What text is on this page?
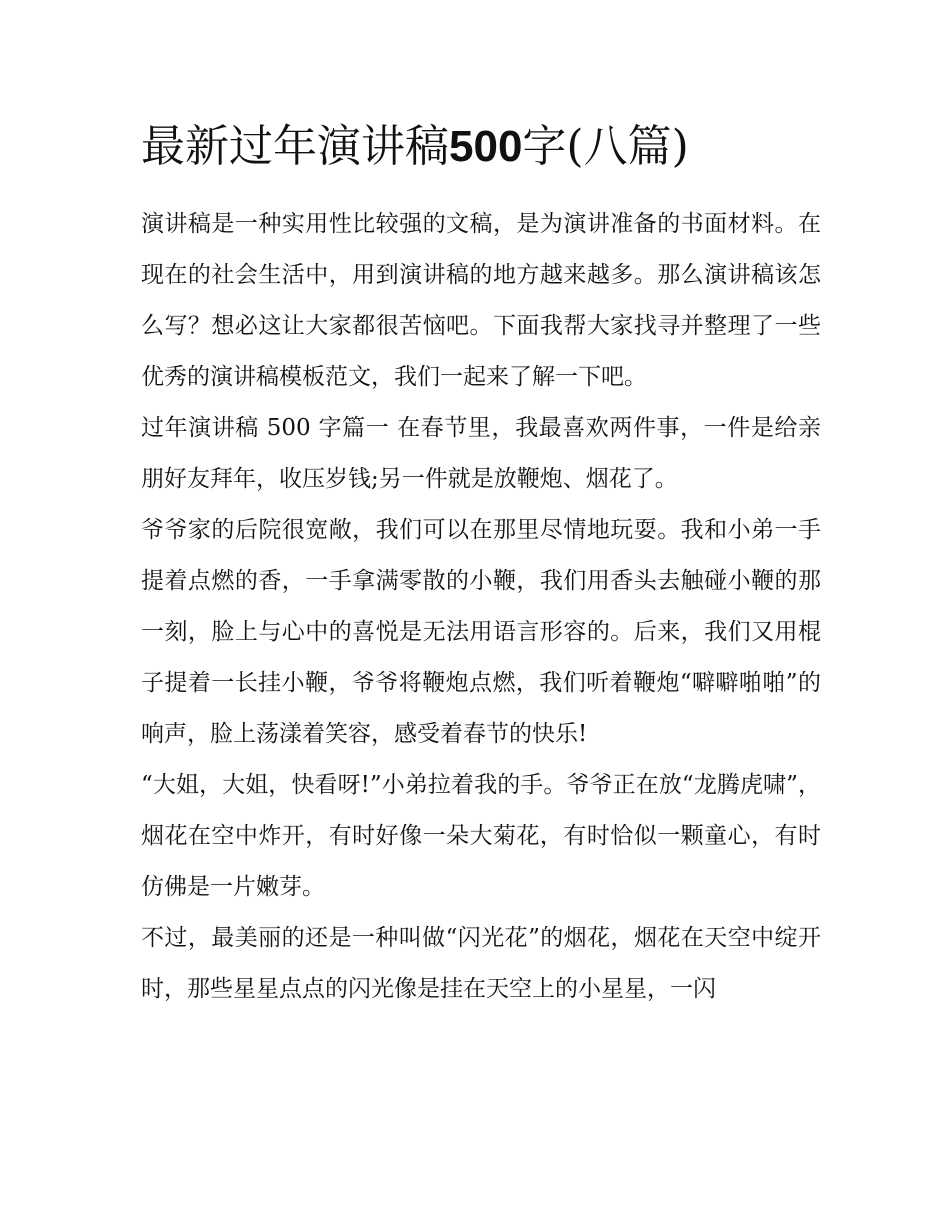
最新过年演讲稿500字(八篇)

演讲稿是一种实用性比较强的文稿，是为演讲准备的书面材料。在现在的社会生活中，用到演讲稿的地方越来越多。那么演讲稿该怎么写？想必这让大家都很苦恼吧。下面我帮大家找寻并整理了一些优秀的演讲稿模板范文，我们一起来了解一下吧。

过年演讲稿 500 字篇一 在春节里，我最喜欢两件事，一件是给亲朋好友拜年，收压岁钱;另一件就是放鞭炮、烟花了。

爷爷家的后院很宽敞，我们可以在那里尽情地玩耍。我和小弟一手提着点燃的香，一手拿满零散的小鞭，我们用香头去触碰小鞭的那一刻，脸上与心中的喜悦是无法用语言形容的。后来，我们又用棍子提着一长挂小鞭，爷爷将鞭炮点燃，我们听着鞭炮“噼噼啪啪”的响声，脸上荡漾着笑容，感受着春节的快乐!

“大姐，大姐，快看呀!”小弟拉着我的手。爷爷正在放“龙腾虎啸”，烟花在空中炸开，有时好像一朵大菊花，有时恰似一颗童心，有时仿佛是一片嫩芽。

不过，最美丽的还是一种叫做“闪光花”的烟花，烟花在天空中绽开时，那些星星点点的闪光像是挂在天空上的小星星，一闪
